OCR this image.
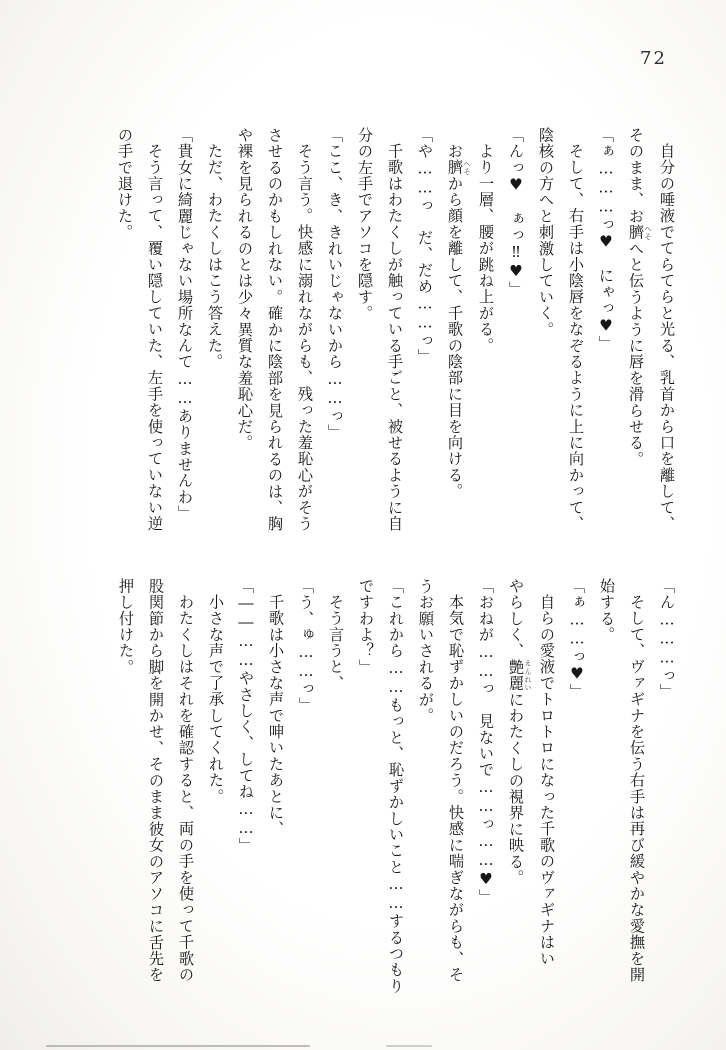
72

自分の唾液でてらてらと光る、乳首から口を離して、

そのまま、お臍 へそへと伝うように唇を滑らせる。

「ぁ………っ♥　にゃっ♥」

そして、右手は小陰唇をなぞるように上に向かって、

陰核の方へと刺激していく。

「んっ♥　ぁっ‼♥」

より一層、腰が跳ね上がる。

お臍 へそから顔を離して、千歌の陰部に目を向ける。

「や……っ　だ、だめ……っ」

千歌はわたくしが触っている手ごと、被せるように自

分の左手でアソコを隠す。

「ここ、き、きれいじゃないから……っ」

そう言う。快感に溺れながらも、残った羞恥心がそう

させるのかもしれない。確かに陰部を見られるのは、胸

や裸を見られるのとは少々異質な羞恥心だ。

ただ、わたくしはこう答えた。

「貴女に綺麗じゃない場所なんて……ありませんわ」

そう言って、覆い隠していた、左手を使っていない逆

の手で退けた。

「ん………っ」

そして、ヴァギナを伝う右手は再び緩やかな愛撫を開

始する。

「ぁ……っ♥」

自らの愛液でトロトロになった千歌のヴァギナはい

やらしく、艶麗 えんれいにわたくしの視界に映る。

「おねが……っ　見ないで……っ……♥」

本気で恥ずかしいのだろう。快感に喘ぎながらも、そ

うお願いされるが。

「これから……もっと、恥ずかしいこと……するつもり

ですわよ？」

そう言うと、

「う、ゅ……っ」

千歌は小さな声で呻いたあとに、

「――……やさしく、してね……」

小さな声で了承してくれた。

わたくしはそれを確認すると、両の手を使って千歌の

股関節から脚を開かせ、そのまま彼女のアソコに舌先を

押し付けた。
